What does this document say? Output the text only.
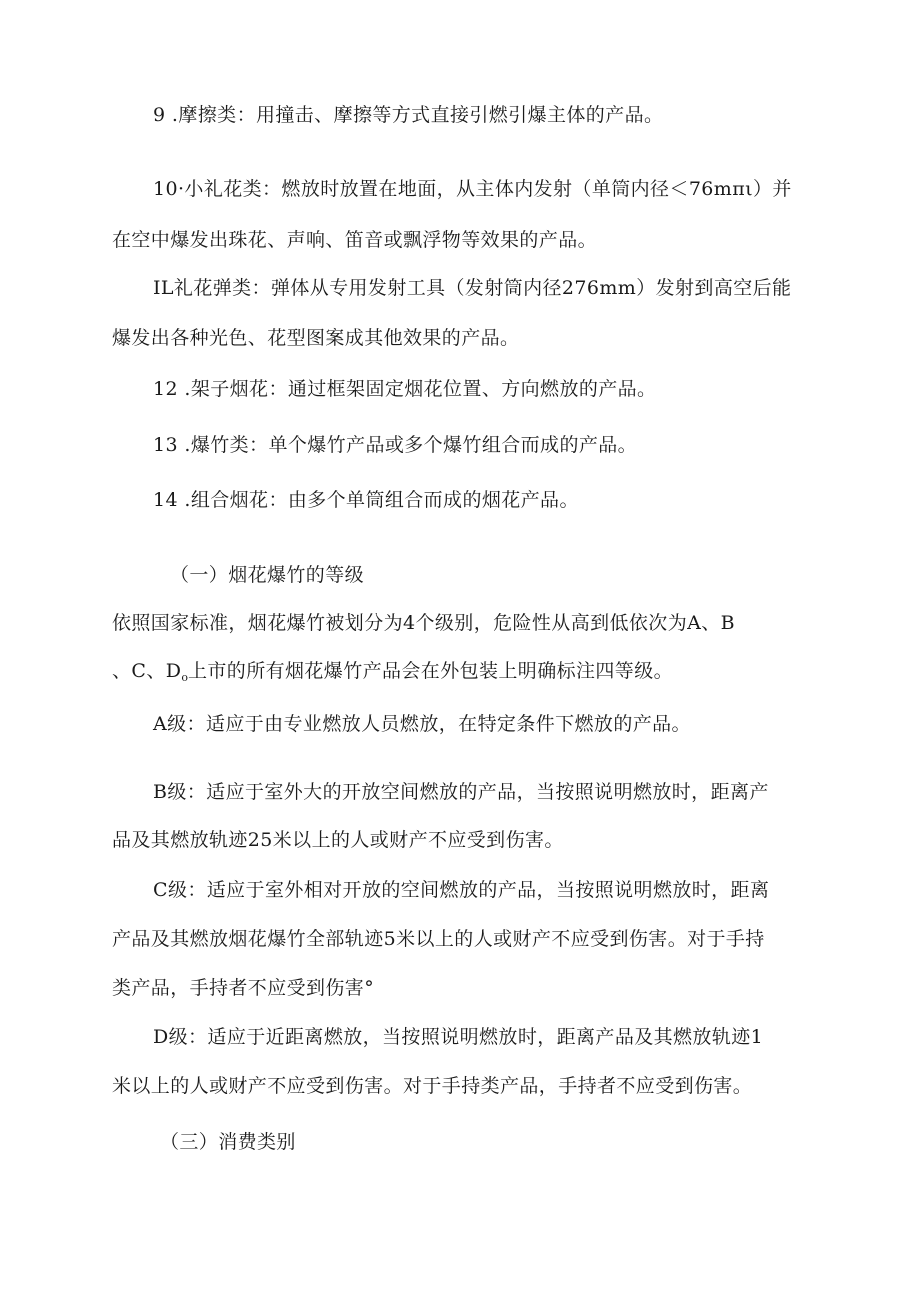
9 .摩擦类：用撞击、摩擦等方式直接引燃引爆主体的产品。
10·小礼花类：燃放时放置在地面，从主体内发射（单筒内径＜76mπι）并
在空中爆发出珠花、声响、笛音或飘浮物等效果的产品。
IL礼花弹类：弹体从专用发射工具（发射筒内径276mm）发射到高空后能
爆发出各种光色、花型图案成其他效果的产品。
12 .架子烟花：通过框架固定烟花位置、方向燃放的产品。
13 .爆竹类：单个爆竹产品或多个爆竹组合而成的产品。
14 .组合烟花：由多个单筒组合而成的烟花产品。
（一）烟花爆竹的等级
依照国家标准，烟花爆竹被划分为4个级别，危险性从高到低依次为A、B
、C、$D_o$上市的所有烟花爆竹产品会在外包装上明确标注四等级。
A级：适应于由专业燃放人员燃放，在特定条件下燃放的产品。
B级：适应于室外大的开放空间燃放的产品，当按照说明燃放时，距离产
品及其燃放轨迹25米以上的人或财产不应受到伤害。
C级：适应于室外相对开放的空间燃放的产品，当按照说明燃放时，距离
产品及其燃放烟花爆竹全部轨迹5米以上的人或财产不应受到伤害。对于手持
类产品，手持者不应受到伤害°
D级：适应于近距离燃放，当按照说明燃放时，距离产品及其燃放轨迹1
米以上的人或财产不应受到伤害。对于手持类产品，手持者不应受到伤害。
（三）消费类别
